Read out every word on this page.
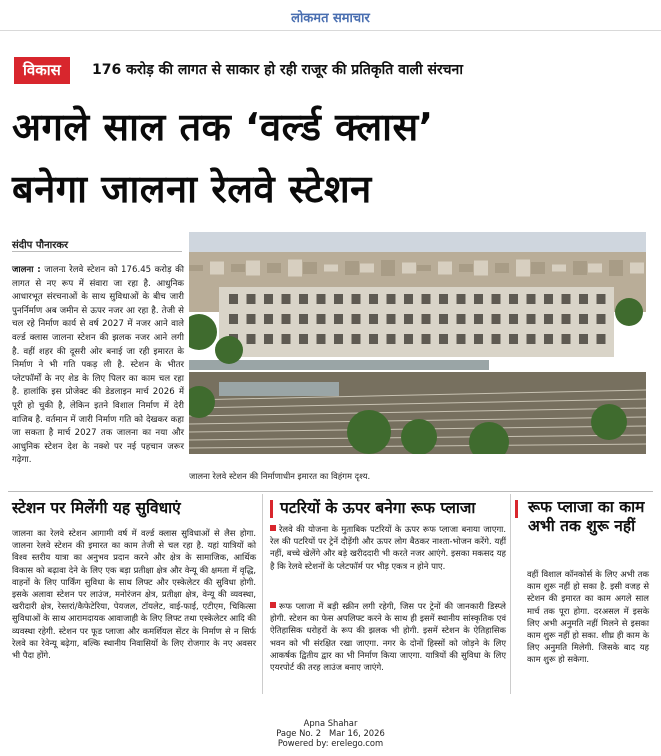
लोकमत समाचार
विकास	176 करोड़ की लागत से साकार हो रही राजूर की प्रतिकृति वाली संरचना
अगले साल तक ‘वर्ल्ड क्लास’
बनेगा जालना रेलवे स्टेशन
संदीप पौनारकर
जालना : जालना रेलवे स्टेशन को 176.45 करोड़ की लागत से नए रूप में संवारा जा रहा है. आधुनिक आधारभूत संरचनाओं के साथ सुविधाओं के बीच जारी पुनर्निर्माण अब जमीन से ऊपर नजर आ रहा है. तेजी से चल रहे निर्माण कार्य से वर्ष 2027 में नजर आने वाले वर्ल्ड क्लास जालना स्टेशन की झलक नजर आने लगी है. वहीं शहर की दूसरी ओर बनाई जा रही इमारत के निर्माण ने भी गति पकड़ ली है. स्टेशन के भीतर प्लेटफॉर्मों के नए शेड के लिए पिलर का काम चल रहा है. हालांकि इस प्रोजेक्ट की डेडलाइन मार्च 2026 में पूरी हो चुकी है, लेकिन इतने विशाल निर्माण में देरी वाजिब है. वर्तमान में जारी निर्माण गति को देखकर कहा जा सकता है मार्च 2027 तक जालना का नया और आधुनिक स्टेशन देश के नक्शे पर नई पहचान जरूर गढ़ेगा.
जालना रेलवे स्टेशन की निर्माणाधीन इमारत का विहंगम दृश्य.
स्टेशन पर मिलेंगी यह सुविधाएं
जालना का रेलवे स्टेशन आगामी वर्ष में वर्ल्ड क्लास सुविधाओं से लैस होगा. जालना रेलवे स्टेशन की इमारत का काम तेजी से चल रहा है. यहां यात्रियों को विश्व स्तरीय यात्रा का अनुभव प्रदान करने और क्षेत्र के सामाजिक, आर्थिक विकास को बढ़ावा देने के लिए एक बड़ा प्रतीक्षा क्षेत्र और वेन्यू की क्षमता में वृद्धि, वाहनों के लिए पार्किंग सुविधा के साथ लिफ्ट और एस्केलेटर की सुविधा होगी. इसके अलावा स्टेशन पर लाउंज, मनोरंजन क्षेत्र, प्रतीक्षा क्षेत्र, वेन्यू की व्यवस्था, खरीदारी क्षेत्र, रेस्तरां/कैफेटेरिया, पेयजल, टॉयलेट, वाई-फाई, एटीएम, चिकित्सा सुविधाओं के साथ आरामदायक आवाजाही के लिए लिफ्ट तथा एस्केलेटर आदि की व्यवस्था रहेगी. स्टेशन पर फूड प्लाजा और कमर्शियल सेंटर के निर्माण से न सिर्फ रेलवे का रेवेन्यू बढ़ेगा, बल्कि स्थानीय निवासियों के लिए रोजगार के नए अवसर भी पैदा होंगे.
पटरियों के ऊपर बनेगा रूफ प्लाजा
रेलवे की योजना के मुताबिक पटरियों के ऊपर रूफ प्लाजा बनाया जाएगा. रेल की पटरियों पर ट्रेनें दौड़ेंगी और ऊपर लोग बैठकर नाश्ता-भोजन करेंगे. यहीं नहीं, बच्चे खेलेंगे और बड़े खरीददारी भी करते नजर आएंगे. इसका मकसद यह है कि रेलवे स्टेशनों के प्लेटफॉर्म पर भीड़ एकत्र न होने पाए.
रूफ प्लाजा में बड़ी स्क्रीन लगी रहेगी, जिस पर ट्रेनों की जानकारी डिस्प्ले होगी. स्टेशन का फेस अपलिफ्ट करने के साथ ही इसमें स्थानीय सांस्कृतिक एवं ऐतिहासिक धरोहरों के रूप की झलक भी होगी. इसमें स्टेशन के ऐतिहासिक भवन को भी संरक्षित रखा जाएगा. नगर के दोनों हिस्सों को जोड़ने के लिए आकर्षक द्वितीय द्वार का भी निर्माण किया जाएगा. यात्रियों की सुविधा के लिए एयरपोर्ट की तरह लाउंज बनाए जाएंगे.
रूफ प्लाजा का काम अभी तक शुरू नहीं
वहीं विशाल कॉनकोर्स के लिए अभी तक काम शुरू नहीं हो सका है. इसी वजह से स्टेशन की इमारत का काम अगले साल मार्च तक पूरा होगा. दरअसल में इसके लिए अभी अनुमति नहीं मिलने से इसका काम शुरू नहीं हो सका. शीघ्र ही काम के लिए अनुमति मिलेगी. जिसके बाद यह काम शुरू हो सकेगा.
Apna Shahar
Page No. 2 Mar 16, 2026
Powered by: erelego.com
